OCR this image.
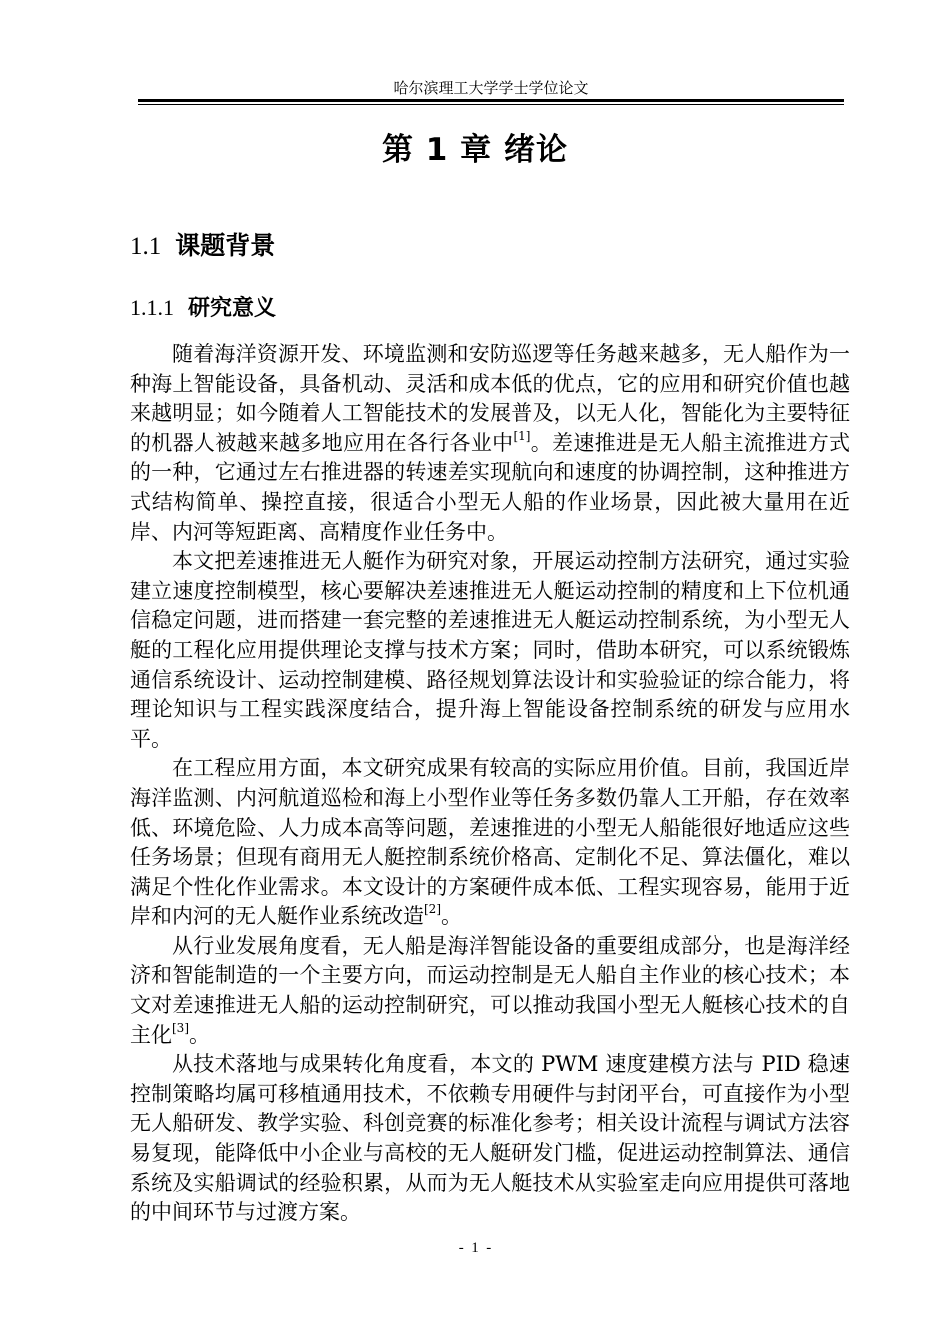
哈尔滨理工大学学士学位论文
第 1 章 绪论
1.1 课题背景
1.1.1 研究意义

随着海洋资源开发、环境监测和安防巡逻等任务越来越多，无人船作为一种海上智能设备，具备机动、灵活和成本低的优点，它的应用和研究价值也越来越明显；如今随着人工智能技术的发展普及，以无人化，智能化为主要特征的机器人被越来越多地应用在各行各业中[1]。差速推进是无人船主流推进方式的一种，它通过左右推进器的转速差实现航向和速度的协调控制，这种推进方式结构简单、操控直接，很适合小型无人船的作业场景，因此被大量用在近岸、内河等短距离、高精度作业任务中。

本文把差速推进无人艇作为研究对象，开展运动控制方法研究，通过实验建立速度控制模型，核心要解决差速推进无人艇运动控制的精度和上下位机通信稳定问题，进而搭建一套完整的差速推进无人艇运动控制系统，为小型无人艇的工程化应用提供理论支撑与技术方案；同时，借助本研究，可以系统锻炼通信系统设计、运动控制建模、路径规划算法设计和实验验证的综合能力，将理论知识与工程实践深度结合，提升海上智能设备控制系统的研发与应用水平。

在工程应用方面，本文研究成果有较高的实际应用价值。目前，我国近岸海洋监测、内河航道巡检和海上小型作业等任务多数仍靠人工开船，存在效率低、环境危险、人力成本高等问题，差速推进的小型无人船能很好地适应这些任务场景；但现有商用无人艇控制系统价格高、定制化不足、算法僵化，难以满足个性化作业需求。本文设计的方案硬件成本低、工程实现容易，能用于近岸和内河的无人艇作业系统改造[2]。

从行业发展角度看，无人船是海洋智能设备的重要组成部分，也是海洋经济和智能制造的一个主要方向，而运动控制是无人船自主作业的核心技术；本文对差速推进无人船的运动控制研究，可以推动我国小型无人艇核心技术的自主化[3]。

从技术落地与成果转化角度看，本文的 PWM 速度建模方法与 PID 稳速控制策略均属可移植通用技术，不依赖专用硬件与封闭平台，可直接作为小型无人船研发、教学实验、科创竞赛的标准化参考；相关设计流程与调试方法容易复现，能降低中小企业与高校的无人艇研发门槛，促进运动控制算法、通信系统及实船调试的经验积累，从而为无人艇技术从实验室走向应用提供可落地的中间环节与过渡方案。

-  1  -
